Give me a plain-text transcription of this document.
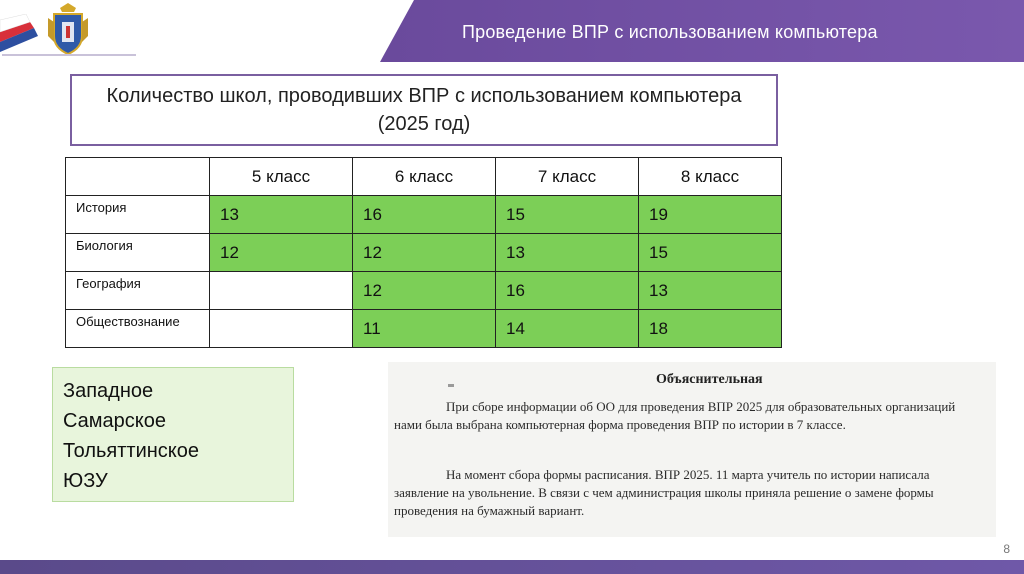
Проведение ВПР с использованием компьютера
Количество школ, проводивших ВПР с использованием компьютера (2025 год)
	5 класс	6 класс	7 класс	8 класс
История	13	16	15	19
Биология	12	12	13	15
География		12	16	13
Обществознание		11	14	18
Западное
Самарское
Тольяттинское
ЮЗУ
Объяснительная
При сборе информации об ОО для проведения ВПР 2025 для образовательных организаций нами была выбрана компьютерная форма проведения ВПР по истории в 7 классе.
На момент сбора формы расписания. ВПР 2025. 11 марта учитель по истории написала заявление на увольнение. В связи с чем администрация школы приняла решение о замене формы проведения на бумажный вариант.
8
